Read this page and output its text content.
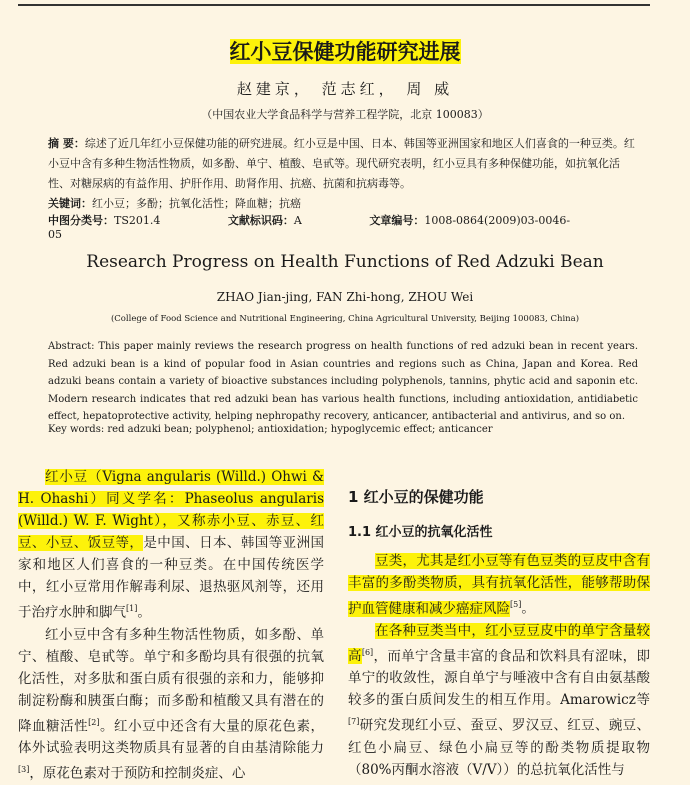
红小豆保健功能研究进展
赵建京， 范志红， 周 威
（中国农业大学食品科学与营养工程学院，北京 100083）
摘 要：综述了近几年红小豆保健功能的研究进展。红小豆是中国、日本、韩国等亚洲国家和地区人们喜食的一种豆类。红小豆中含有多种生物活性物质，如多酚、单宁、植酸、皂甙等。现代研究表明，红小豆具有多种保健功能，如抗氧化活性、对糖尿病的有益作用、护肝作用、助肾作用、抗癌、抗菌和抗病毒等。
关键词：红小豆；多酚；抗氧化活性；降血糖；抗癌
中图分类号：TS201.4	文献标识码：A	文章编号：1008-0864(2009)03-0046-05
Research Progress on Health Functions of Red Adzuki Bean
ZHAO Jian-jing, FAN Zhi-hong, ZHOU Wei
(College of Food Science and Nutritional Engineering, China Agricultural University, Beijing 100083, China)
Abstract: This paper mainly reviews the research progress on health functions of red adzuki bean in recent years. Red adzuki bean is a kind of popular food in Asian countries and regions such as China, Japan and Korea. Red adzuki beans contain a variety of bioactive substances including polyphenols, tannins, phytic acid and saponin etc. Modern research indicates that red adzuki bean has various health functions, including antioxidation, antidiabetic effect, hepatoprotective activity, helping nephropathy recovery, anticancer, antibacterial and antivirus, and so on.
Key words: red adzuki bean; polyphenol; antioxidation; hypoglycemic effect; anticancer

红小豆（Vigna angularis (Willd.) Ohwi & H. Ohashi）同义学名：Phaseolus angularis (Willd.) W. F. Wight），又称赤小豆、赤豆、红豆、小豆、饭豆等，是中国、日本、韩国等亚洲国家和地区人们喜食的一种豆类。在中国传统医学中，红小豆常用作解毒利尿、退热驱风剂等，还用于治疗水肿和脚气[1]。

红小豆中含有多种生物活性物质，如多酚、单宁、植酸、皂甙等。单宁和多酚均具有很强的抗氧化活性，对多肽和蛋白质有很强的亲和力，能够抑制淀粉酶和胰蛋白酶；而多酚和植酸又具有潜在的降血糖活性[2]。红小豆中还含有大量的原花色素，体外试验表明这类物质具有显著的自由基清除能力[3]，原花色素对于预防和控制炎症、心

1 红小豆的保健功能
1.1 红小豆的抗氧化活性

豆类，尤其是红小豆等有色豆类的豆皮中含有丰富的多酚类物质，具有抗氧化活性，能够帮助保护血管健康和减少癌症风险[5]。

在各种豆类当中，红小豆豆皮中的单宁含量较高[6]，而单宁含量丰富的食品和饮料具有涩味，即单宁的收敛性，源自单宁与唾液中含有自由氨基酸较多的蛋白质间发生的相互作用。Amarowicz等[7]研究发现红小豆、蚕豆、罗汉豆、红豆、豌豆、红色小扁豆、绿色小扁豆等的酚类物质提取物（80%丙酮水溶液（V/V））的总抗氧化活性与
